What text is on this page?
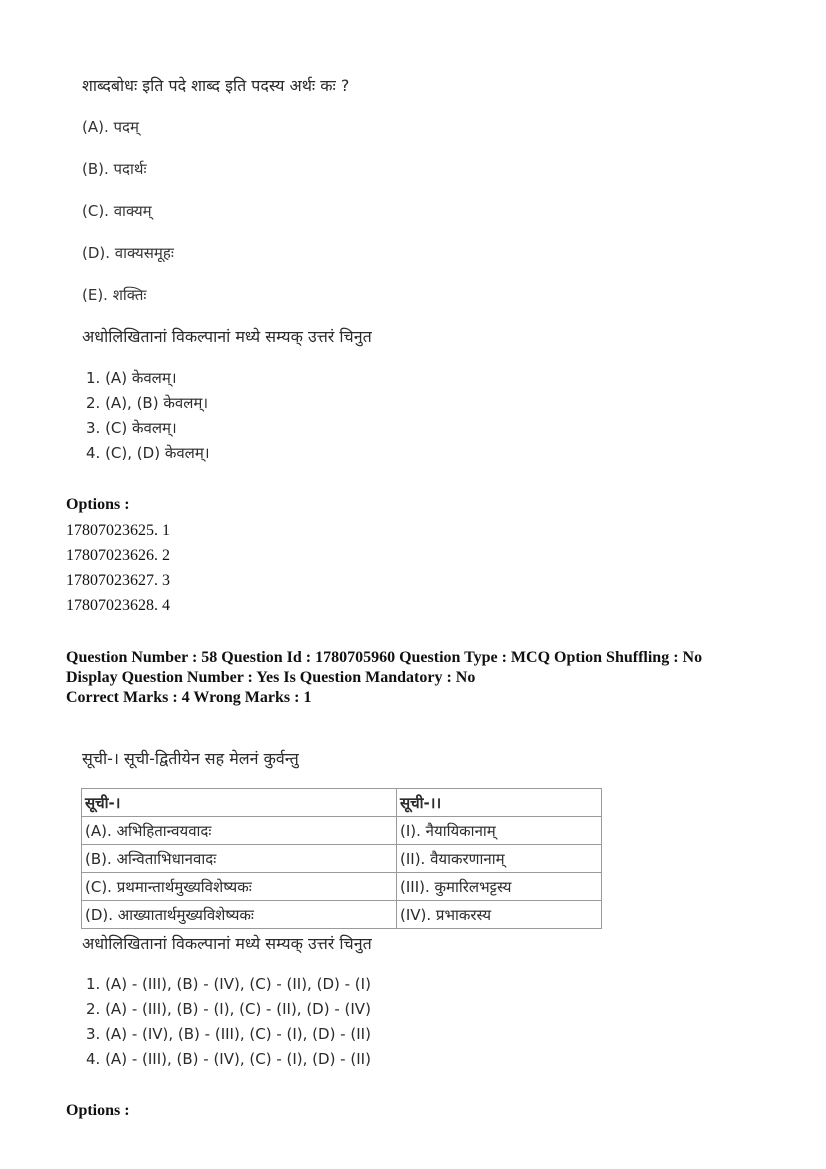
शाब्दबोधः इति पदे शाब्द इति पदस्य अर्थः कः ?
(A). पदम्
(B). पदार्थः
(C). वाक्यम्
(D). वाक्यसमूहः
(E). शक्तिः
अधोलिखितानां विकल्पानां मध्ये सम्यक् उत्तरं चिनुत
1. (A) केवलम्।
2. (A), (B) केवलम्।
3. (C) केवलम्।
4. (C), (D) केवलम्।
Options :
17807023625. 1
17807023626. 2
17807023627. 3
17807023628. 4
Question Number : 58 Question Id : 1780705960 Question Type : MCQ Option Shuffling : No
Display Question Number : Yes Is Question Mandatory : No
Correct Marks : 4 Wrong Marks : 1
सूची-। सूची-द्वितीयेन सह मेलनं कुर्वन्तु
सूची-।	सूची-।।
(A). अभिहितान्वयवादः	(I). नैयायिकानाम्
(B). अन्विताभिधानवादः	(II). वैयाकरणानाम्
(C). प्रथमान्तार्थमुख्यविशेष्यकः	(III). कुमारिलभट्टस्य
(D). आख्यातार्थमुख्यविशेष्यकः	(IV). प्रभाकरस्य
अधोलिखितानां विकल्पानां मध्ये सम्यक् उत्तरं चिनुत
1. (A) - (III), (B) - (IV), (C) - (II), (D) - (I)
2. (A) - (III), (B) - (I), (C) - (II), (D) - (IV)
3. (A) - (IV), (B) - (III), (C) - (I), (D) - (II)
4. (A) - (III), (B) - (IV), (C) - (I), (D) - (II)
Options :
